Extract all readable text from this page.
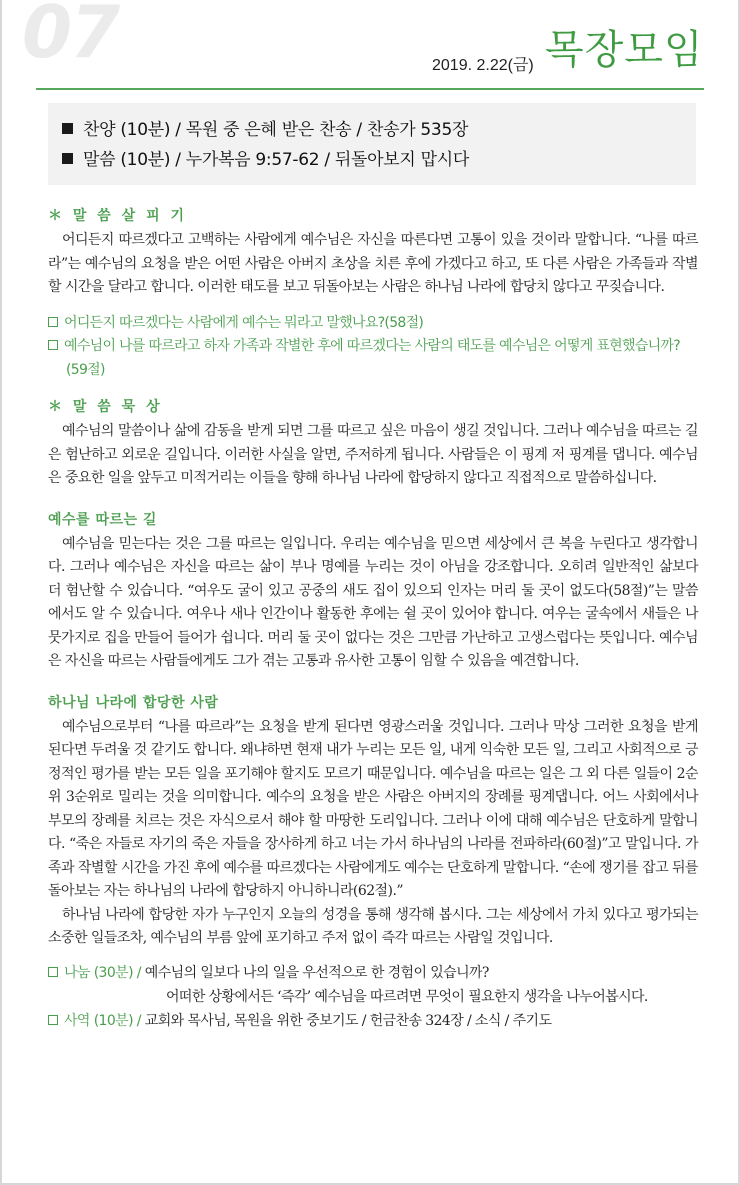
07	2019. 2.22(금) 목장모임
찬양 (10분) / 목원 중 은혜 받은 찬송 / 찬송가 535장
말씀 (10분) / 누가복음 9:57-62 / 뒤돌아보지 맙시다
＊ 말 씀 살 피 기

어디든지 따르겠다고 고백하는 사람에게 예수님은 자신을 따른다면 고통이 있을 것이라 말합니다. “나를 따르라”는 예수님의 요청을 받은 어떤 사람은 아버지 초상을 치른 후에 가겠다고 하고, 또 다른 사람은 가족들과 작별할 시간을 달라고 합니다. 이러한 태도를 보고 뒤돌아보는 사람은 하나님 나라에 합당치 않다고 꾸짖습니다.

어디든지 따르겠다는 사람에게 예수는 뭐라고 말했나요?(58절)
예수님이 나를 따르라고 하자 가족과 작별한 후에 따르겠다는 사람의 태도를 예수님은 어떻게 표현했습니까?(59절)
＊ 말 씀 묵 상

예수님의 말씀이나 삶에 감동을 받게 되면 그를 따르고 싶은 마음이 생길 것입니다. 그러나 예수님을 따르는 길은 험난하고 외로운 길입니다. 이러한 사실을 알면, 주저하게 됩니다. 사람들은 이 핑계 저 핑계를 댑니다. 예수님은 중요한 일을 앞두고 미적거리는 이들을 향해 하나님 나라에 합당하지 않다고 직접적으로 말씀하십니다.

예수를 따르는 길

예수님을 믿는다는 것은 그를 따르는 일입니다. 우리는 예수님을 믿으면 세상에서 큰 복을 누린다고 생각합니다. 그러나 예수님은 자신을 따르는 삶이 부나 명예를 누리는 것이 아님을 강조합니다. 오히려 일반적인 삶보다 더 험난할 수 있습니다. “여우도 굴이 있고 공중의 새도 집이 있으되 인자는 머리 둘 곳이 없도다(58절)”는 말씀에서도 알 수 있습니다. 여우나 새나 인간이나 활동한 후에는 쉴 곳이 있어야 합니다. 여우는 굴속에서 새들은 나뭇가지로 집을 만들어 들어가 쉽니다. 머리 둘 곳이 없다는 것은 그만큼 가난하고 고생스럽다는 뜻입니다. 예수님은 자신을 따르는 사람들에게도 그가 겪는 고통과 유사한 고통이 임할 수 있음을 예견합니다.

하나님 나라에 합당한 사람

예수님으로부터 “나를 따르라”는 요청을 받게 된다면 영광스러울 것입니다. 그러나 막상 그러한 요청을 받게 된다면 두려울 것 같기도 합니다. 왜냐하면 현재 내가 누리는 모든 일, 내게 익숙한 모든 일, 그리고 사회적으로 긍정적인 평가를 받는 모든 일을 포기해야 할지도 모르기 때문입니다. 예수님을 따르는 일은 그 외 다른 일들이 2순위 3순위로 밀리는 것을 의미합니다. 예수의 요청을 받은 사람은 아버지의 장례를 핑계댑니다. 어느 사회에서나 부모의 장례를 치르는 것은 자식으로서 해야 할 마땅한 도리입니다. 그러나 이에 대해 예수님은 단호하게 말합니다. “죽은 자들로 자기의 죽은 자들을 장사하게 하고 너는 가서 하나님의 나라를 전파하라(60절)”고 말입니다. 가족과 작별할 시간을 가진 후에 예수를 따르겠다는 사람에게도 예수는 단호하게 말합니다. “손에 쟁기를 잡고 뒤를 돌아보는 자는 하나님의 나라에 합당하지 아니하니라(62절).”

하나님 나라에 합당한 자가 누구인지 오늘의 성경을 통해 생각해 봅시다. 그는 세상에서 가치 있다고 평가되는 소중한 일들조차, 예수님의 부름 앞에 포기하고 주저 없이 즉각 따르는 사람일 것입니다.

나눔 (30분) / 예수님의 일보다 나의 일을 우선적으로 한 경험이 있습니까?
어떠한 상황에서든 ‘즉각’ 예수님을 따르려면 무엇이 필요한지 생각을 나누어봅시다.
사역 (10분) / 교회와 목사님, 목원을 위한 중보기도 / 헌금찬송 324장 / 소식 / 주기도
